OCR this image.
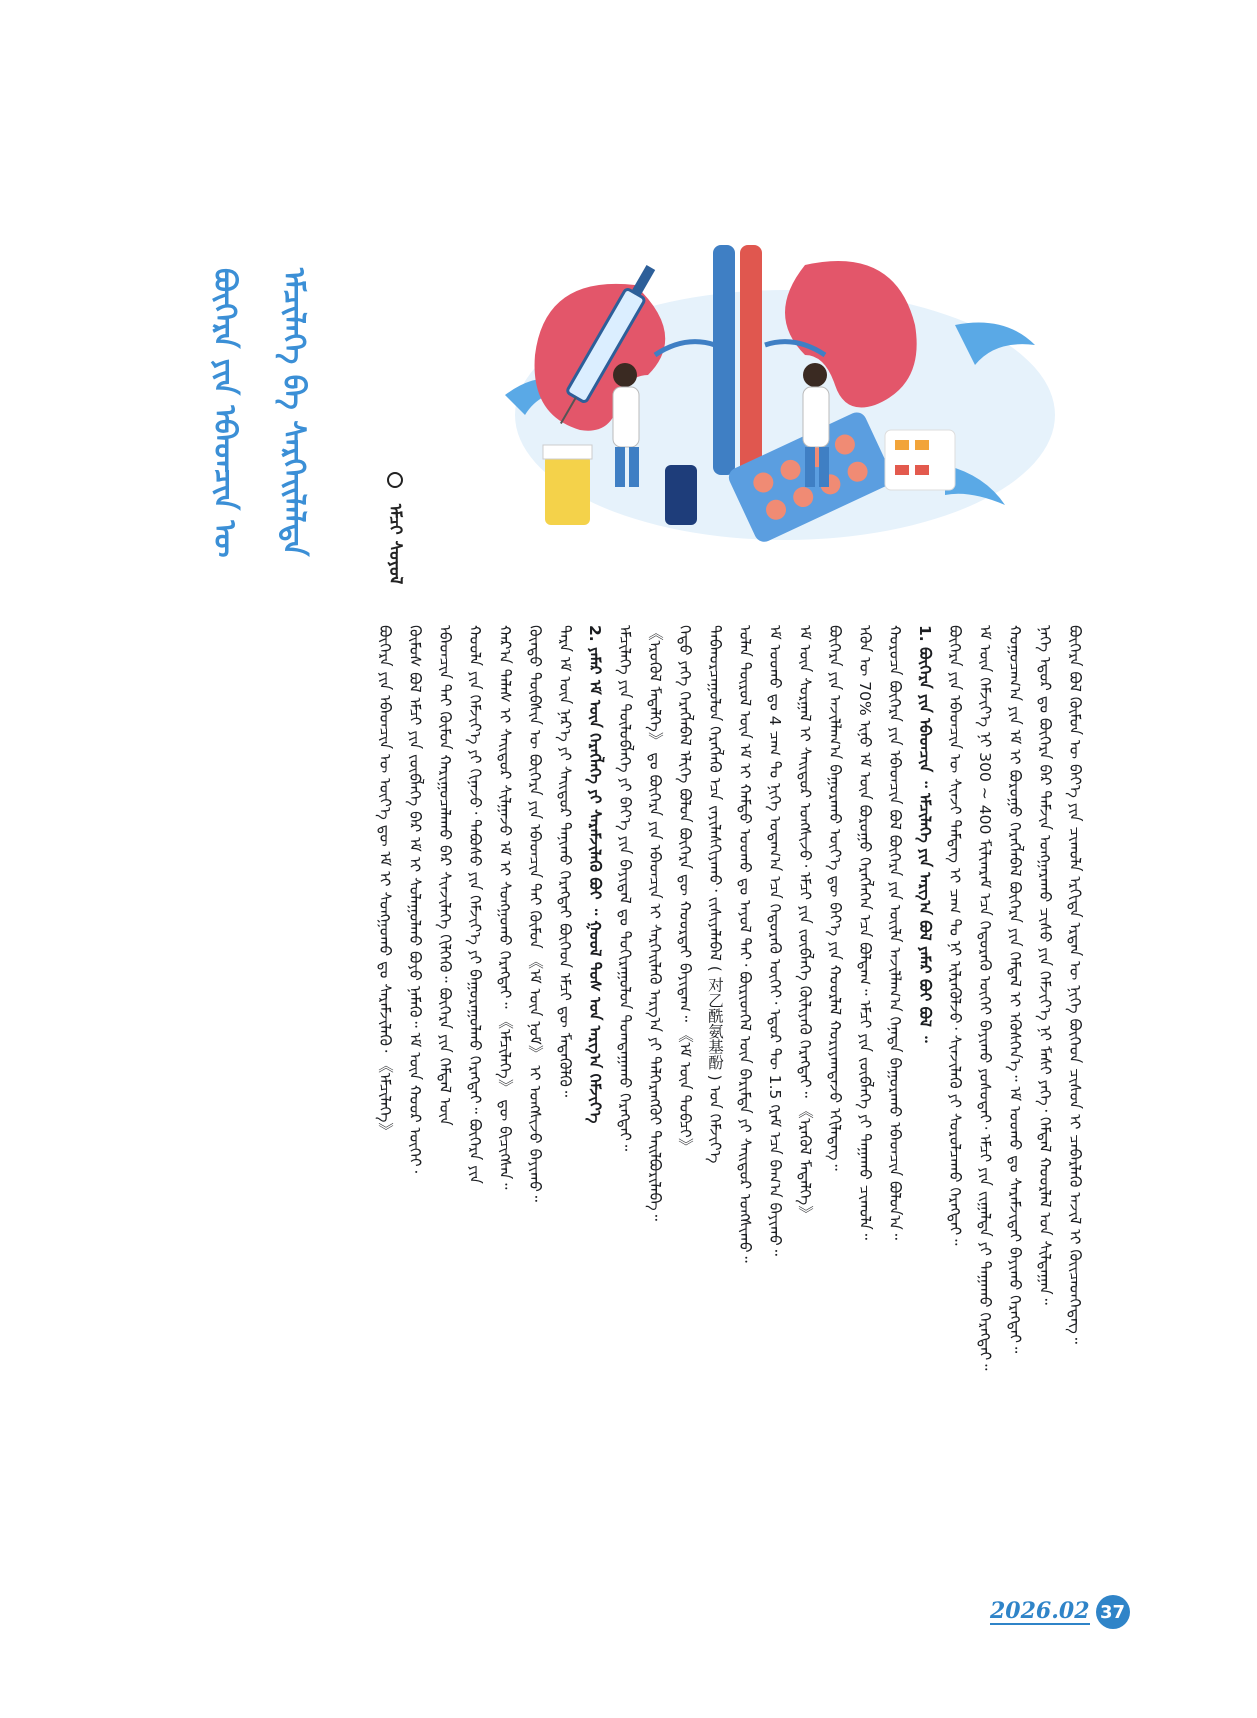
ᠪᠥᠭᠡᠷᠡ ᠶᠢᠨ ᠡᠪᠡᠳᠴᠢᠨ ᠦ	ᠡᠮᠴᠢᠯᠡᠭᠡ ᠪᠠ ᠰᠡᠷᠭᠡᠢᠯᠡᠯᠲᠡ	ᠡᠮᠴᠢ ᠰᠣᠶᠣᠯ
ᠪᠥᠭᠡᠷᠡ ᠪᠣᠯ ᠬᠦᠮᠦᠨ ᠦ ᠪᠡᠶ᠎ᠡ ᠶᠢᠨ ᠴᠢᠬᠤᠯᠠ ᠡᠷᠬᠢᠲᠡ ᠡᠷᠲᠡᠨ ᠦ ᠨᠢᠭᠡ ᠪᠥᠭᠡᠳ ᠴᠢᠰᠤᠨ ᠢ ᠴᠡᠪᠡᠷᠯᠡᠬᠦ ᠠᠵᠢᠯ ᠢ ᠭᠦᠢᠴᠡᠳᠬᠡᠳᠡᠭ᠃
ᠨᠡᠭᠡ ᠡᠳᠦᠷ ᠳᠤ ᠪᠥᠭᠡᠷᠡ ᠪᠡᠷ ᠳᠠᠮᠵᠢᠨ ᠤᠩᠭᠠᠷᠠᠬᠤ ᠴᠢᠰᠤ ᠶᠢᠨ ᠬᠡᠮᠵᠢᠶ᠎ᠡ ᠨᠢ ᠮᠠᠰᠢ ᠶᠡᠬᠡ᠂ ᠭᠡᠮᠲᠡᠯ ᠬᠣᠣᠷᠯᠠᠯ ᠤᠨ ᠰᠢᠯᠲᠠᠭᠠᠨ᠃
ᠬᠤᠭᠤᠴᠠᠭ᠎ᠠ ᠶᠢᠨ ᠡᠮ ᠢ ᠪᠤᠷᠤᠭᠤ ᠬᠡᠷᠡᠭᠯᠡᠪᠡᠯ ᠪᠥᠭᠡᠷᠡ ᠶᠢᠨ ᠭᠡᠮᠲᠡᠯ ᠢ ᠡᠭᠦᠰᠬᠡᠨ᠎ᠡ᠃ ᠡᠮ ᠤᠤᠬᠤ ᠳᠤ ᠰᠡᠷᠡᠮᠵᠢᠲᠡᠢ ᠪᠠᠶᠢᠬᠤ ᠬᠡᠷᠡᠭᠲᠡᠢ᠃
ᠡᠮ ᠦᠨ ᠬᠡᠮᠵᠢᠶ᠎ᠡ ᠨᠢ 300 ~ 400 ᠮᠢᠯᠢᠭᠷᠠᠮ ᠡᠴᠡ ᠬᠡᠲᠦᠷᠡᠬᠦ ᠦᠭᠡᠢ ᠪᠠᠶᠢᠬᠤ ᠶᠣᠰᠣᠲᠠᠢ᠂ ᠡᠮᠴᠢ ᠶᠢᠨ ᠵᠢᠭᠠᠯᠳᠠ ᠶᠢ ᠳᠠᠭᠠᠬᠤ ᠬᠡᠷᠡᠭᠲᠡᠢ᠃
ᠪᠥᠭᠡᠷᠡ ᠶᠢᠨ ᠡᠪᠡᠳᠴᠢᠨ ᠦ ᠰᠢᠨᠵᠢ ᠲᠡᠮᠳᠡᠭ ᠢ ᠴᠠᠭ ᠲᠤ ᠨᠢ ᠢᠯᠷᠡᠭᠦᠯᠵᠦ᠂ ᠰᠢᠨᠵᠢᠯᠡᠬᠦ ᠶᠢ ᠰᠤᠷᠤᠯᠴᠠᠬᠤ ᠬᠡᠷᠡᠭᠲᠡᠢ᠃
1. ᠪᠥᠭᠡᠷᠡ ᠶᠢᠨ ᠡᠪᠡᠳᠴᠢᠨ ᠃ ᠡᠮᠴᠢᠯᠡᠭᠡ ᠶᠢᠨ ᠠᠷᠭ᠎ᠠ ᠪᠣᠯ ᠶᠠᠮᠠᠷ ᠪᠣᠢ ᠪᠣᠯ ᠃
ᠬᠤᠷᠤᠴᠠ ᠪᠥᠭᠡᠷᠡ ᠶᠢᠨ ᠡᠪᠡᠳᠴᠢᠨ ᠪᠣᠯ ᠪᠥᠭᠡᠷᠡ ᠶᠢᠨ ᠦᠢᠯᠡ ᠠᠵᠢᠯᠯᠠᠭ᠎ᠠ ᠭᠡᠨᠡᠲᠡ ᠪᠠᠭᠤᠷᠠᠬᠤ ᠡᠪᠡᠳᠴᠢᠨ ᠪᠣᠯᠤᠨ᠎ᠠ᠃
ᠡᠭᠦᠨ ᠦ 70% ᠢᠨᠤ ᠡᠮ ᠦᠨ ᠪᠤᠷᠤᠭᠤ ᠬᠡᠷᠡᠭᠯᠡᠭᠡᠨ ᠡᠴᠡ ᠪᠣᠯᠳᠠᠭ᠃ ᠡᠮᠴᠢ ᠶᠢᠨ ᠵᠥᠪᠯᠡᠭᠡ ᠶᠢ ᠳᠠᠭᠠᠬᠤ ᠴᠢᠬᠤᠯᠠ᠃
ᠪᠥᠭᠡᠷᠡ ᠶᠢᠨ ᠠᠵᠢᠯᠯᠠᠭ᠎ᠠ ᠪᠠᠭᠤᠷᠠᠬᠤ ᠦᠶ᠎ᠡ ᠳᠦ ᠪᠡᠶ᠎ᠡ ᠶᠢᠨ ᠬᠣᠣᠷᠯᠠᠯ ᠬᠤᠷᠢᠶᠠᠭᠳᠠᠵᠤ ᠡᠬᠢᠯᠡᠳᠡᠭ᠃
ᠡᠮ ᠦᠨ ᠰᠤᠷᠭᠠᠯ ᠢ ᠰᠠᠢᠲᠤᠷ ᠤᠩᠰᠢᠵᠤ᠂ ᠡᠮᠴᠢ ᠶᠢᠨ ᠵᠥᠪᠯᠡᠭᠡ ᠬᠦᠯᠢᠶᠡᠬᠦ ᠬᠡᠷᠡᠭᠲᠡᠢ᠃ 《ᠡᠷᠡᠭᠦᠯ ᠮᠡᠳᠡᠯᠭᠡ》
ᠡᠮ ᠤᠤᠬᠤ ᠳᠤ 4 ᠴᠠᠭ ᠲᠤ ᠨᠢᠭᠡ ᠤᠳᠠᠭ᠎ᠠ ᠡᠴᠡ ᠬᠡᠲᠦᠷᠡᠬᠦ ᠦᠭᠡᠢ᠂ ᠡᠳᠦᠷ ᠲᠦ 1.5 ᠭᠷᠡᠮ ᠡᠴᠡ ᠪᠠᠭ᠎ᠠ ᠪᠠᠶᠢᠬᠤ᠃
ᠣᠯᠠᠨ ᠲᠦᠷᠦᠯ ᠦᠨ ᠡᠮ ᠢ ᠬᠠᠮᠲᠤ ᠤᠤᠬᠤ ᠳᠤ ᠠᠶᠤᠯ ᠲᠠᠢ᠂ ᠪᠦᠷᠢᠳᠭᠡᠯ ᠦᠨ ᠪᠠᠷᠢᠮᠲᠠ ᠶᠢ ᠰᠠᠢᠲᠤᠷ ᠤᠩᠰᠢᠬᠤ᠃
ᠳᠠᠪᠬᠤᠷᠴᠠᠭᠤᠯᠤᠨ ᠬᠡᠷᠡᠭᠯᠡᠬᠦ ᠡᠴᠡ ᠵᠠᠶᠢᠯᠠᠰᠬᠢᠶᠠᠬᠤ᠂ ᠵᠢᠱᠢᠶᠡᠯᠡᠪᠡᠯ ( 对乙酰氨基酚 ) ᠤᠨ ᠬᠡᠮᠵᠢᠶ᠎ᠡ
ᠬᠡᠲᠦ ᠶᠡᠬᠡ ᠬᠡᠷᠡᠭᠯᠡᠪᠡᠯ ᠡᠯᠢᠭᠡ ᠪᠣᠯᠣᠨ ᠪᠥᠭᠡᠷᠡ ᠳᠦ ᠬᠣᠣᠷᠲᠠᠢ ᠪᠠᠶᠢᠳᠠᠭ᠃ 《ᠡᠮ ᠦᠨ ᠲᠣᠪᠴᠢ》
《ᠡᠷᠦᠬᠦᠯ ᠮᠡᠳᠡᠯᠭᠡ》 ᠳᠤ ᠪᠥᠭᠡᠷᠡ ᠶᠢᠨ ᠡᠪᠡᠳᠴᠢᠨ ᠢ ᠰᠡᠷᠭᠡᠢᠯᠡᠬᠦ ᠠᠷᠭ᠎ᠠ ᠶᠢ ᠳᠡᠯᠭᠡᠷᠡᠩᠭᠦᠢ ᠲᠠᠢᠯᠪᠤᠷᠢᠯᠠᠪᠠ᠃
ᠡᠮᠴᠢᠯᠡᠭᠡ ᠶᠢᠨ ᠲᠥᠯᠦᠪᠯᠡᠭᠡ ᠶᠢ ᠪᠡᠶ᠎ᠡ ᠶᠢᠨ ᠪᠠᠶᠢᠳᠠᠯ ᠳᠤ ᠲᠣᠬᠢᠷᠠᠭᠤᠯᠤᠨ ᠲᠣᠭᠲᠠᠭᠠᠬᠤ ᠬᠡᠷᠡᠭᠲᠡᠢ᠃
2. ᠶᠠᠮᠠᠷ ᠡᠮ ᠦᠨ ᠬᠡᠷᠡᠭᠯᠡᠭᠡ ᠶᠢ ᠰᠡᠷᠡᠮᠵᠢᠯᠡᠬᠦ ᠪᠣᠢ ᠃ ᠭᠣᠣᠯ ᠲᠤᠰ ᠤᠨ ᠠᠷᠭ᠎ᠠ ᠬᠡᠮᠵᠢᠶ᠎ᠡ
ᠲᠡᠷᠡ ᠡᠮ ᠦᠨ ᠨᠡᠷ᠎ᠡ ᠶᠢ ᠰᠠᠢᠲᠤᠷ ᠲᠠᠨᠢᠬᠤ ᠬᠡᠷᠡᠭᠲᠡᠢ ᠪᠥᠭᠡᠳ ᠡᠮᠴᠢ ᠳᠦ ᠮᠡᠳᠡᠭᠦᠯᠬᠦ᠃
ᠬᠦᠨᠳᠦ ᠲᠦᠪᠰᠢᠨ ᠦ ᠪᠥᠭᠡᠷᠡ ᠶᠢᠨ ᠡᠪᠡᠳᠴᠢᠨ ᠲᠡᠢ ᠬᠦᠮᠦᠨ 《ᠡᠮ ᠦᠨ ᠨᠣᠮ》 ᠢ ᠣᠩᠰᠢᠵᠤ ᠪᠠᠶᠢᠬᠤ᠃
ᠬᠠᠷ᠎ᠠ ᠲᠠᠯᠠᠰ ᠢ ᠰᠠᠢᠲᠤᠷ ᠰᠢᠯᠭᠠᠵᠤ ᠡᠮ ᠢ ᠰᠣᠩᠭᠣᠬᠤ ᠬᠡᠷᠡᠭᠲᠡᠢ᠃ 《ᠡᠮᠴᠢᠯᠡᠭᠡ》 ᠳᠦ ᠪᠢᠴᠢᠭᠰᠡᠨ᠃
ᠬᠣᠣᠯᠠ ᠶᠢᠨ ᠬᠡᠮᠵᠢᠶ᠎ᠡ ᠶᠢ ᠬᠢᠨᠠᠵᠤ᠂ ᠳᠠᠪᠤᠰᠤ ᠶᠢᠨ ᠬᠡᠮᠵᠢᠶ᠎ᠡ ᠶᠢ ᠪᠠᠭᠤᠷᠠᠭᠤᠯᠬᠤ ᠬᠡᠷᠡᠭᠲᠡᠢ᠃ ᠪᠥᠭᠡᠷᠡ ᠶᠢᠨ
ᠡᠪᠡᠳᠴᠢᠨ ᠲᠡᠢ ᠬᠦᠮᠦᠨ ᠬᠠᠷᠢᠭᠤᠴᠠᠯᠠᠬᠤ ᠪᠠᠷ ᠰᠢᠨᠵᠢᠯᠡᠭᠡ ᠬᠢᠯᠭᠡᠬᠦ᠃ ᠪᠥᠭᠡᠷᠡ ᠶᠢᠨ ᠭᠡᠮᠲᠡᠯ ᠦᠨ
ᠬᠦᠮᠦᠰ ᠪᠣᠯ ᠡᠮᠴᠢ ᠶᠢᠨ ᠵᠥᠪᠯᠡᠭᠡ ᠪᠡᠷ ᠡᠮ ᠢ ᠰᠤᠯᠠᠭᠤᠯᠬᠤ ᠪᠤᠶᠤ ᠨᠡᠮᠡᠬᠦ᠃ ᠡᠮ ᠦᠨ ᠬᠣᠣᠷ ᠦᠭᠡᠢ᠂
ᠪᠥᠭᠡᠷᠡ ᠶᠢᠨ ᠡᠪᠡᠳᠴᠢᠨ ᠦ ᠦᠶ᠎ᠡ ᠳᠦ ᠡᠮ ᠢ ᠰᠣᠩᠭᠣᠬᠤ ᠳᠤ ᠰᠡᠷᠡᠮᠵᠢᠯᠡᠬᠦ᠂ 《ᠡᠮᠴᠢᠯᠡᠭᠡ》
2026.02 37
